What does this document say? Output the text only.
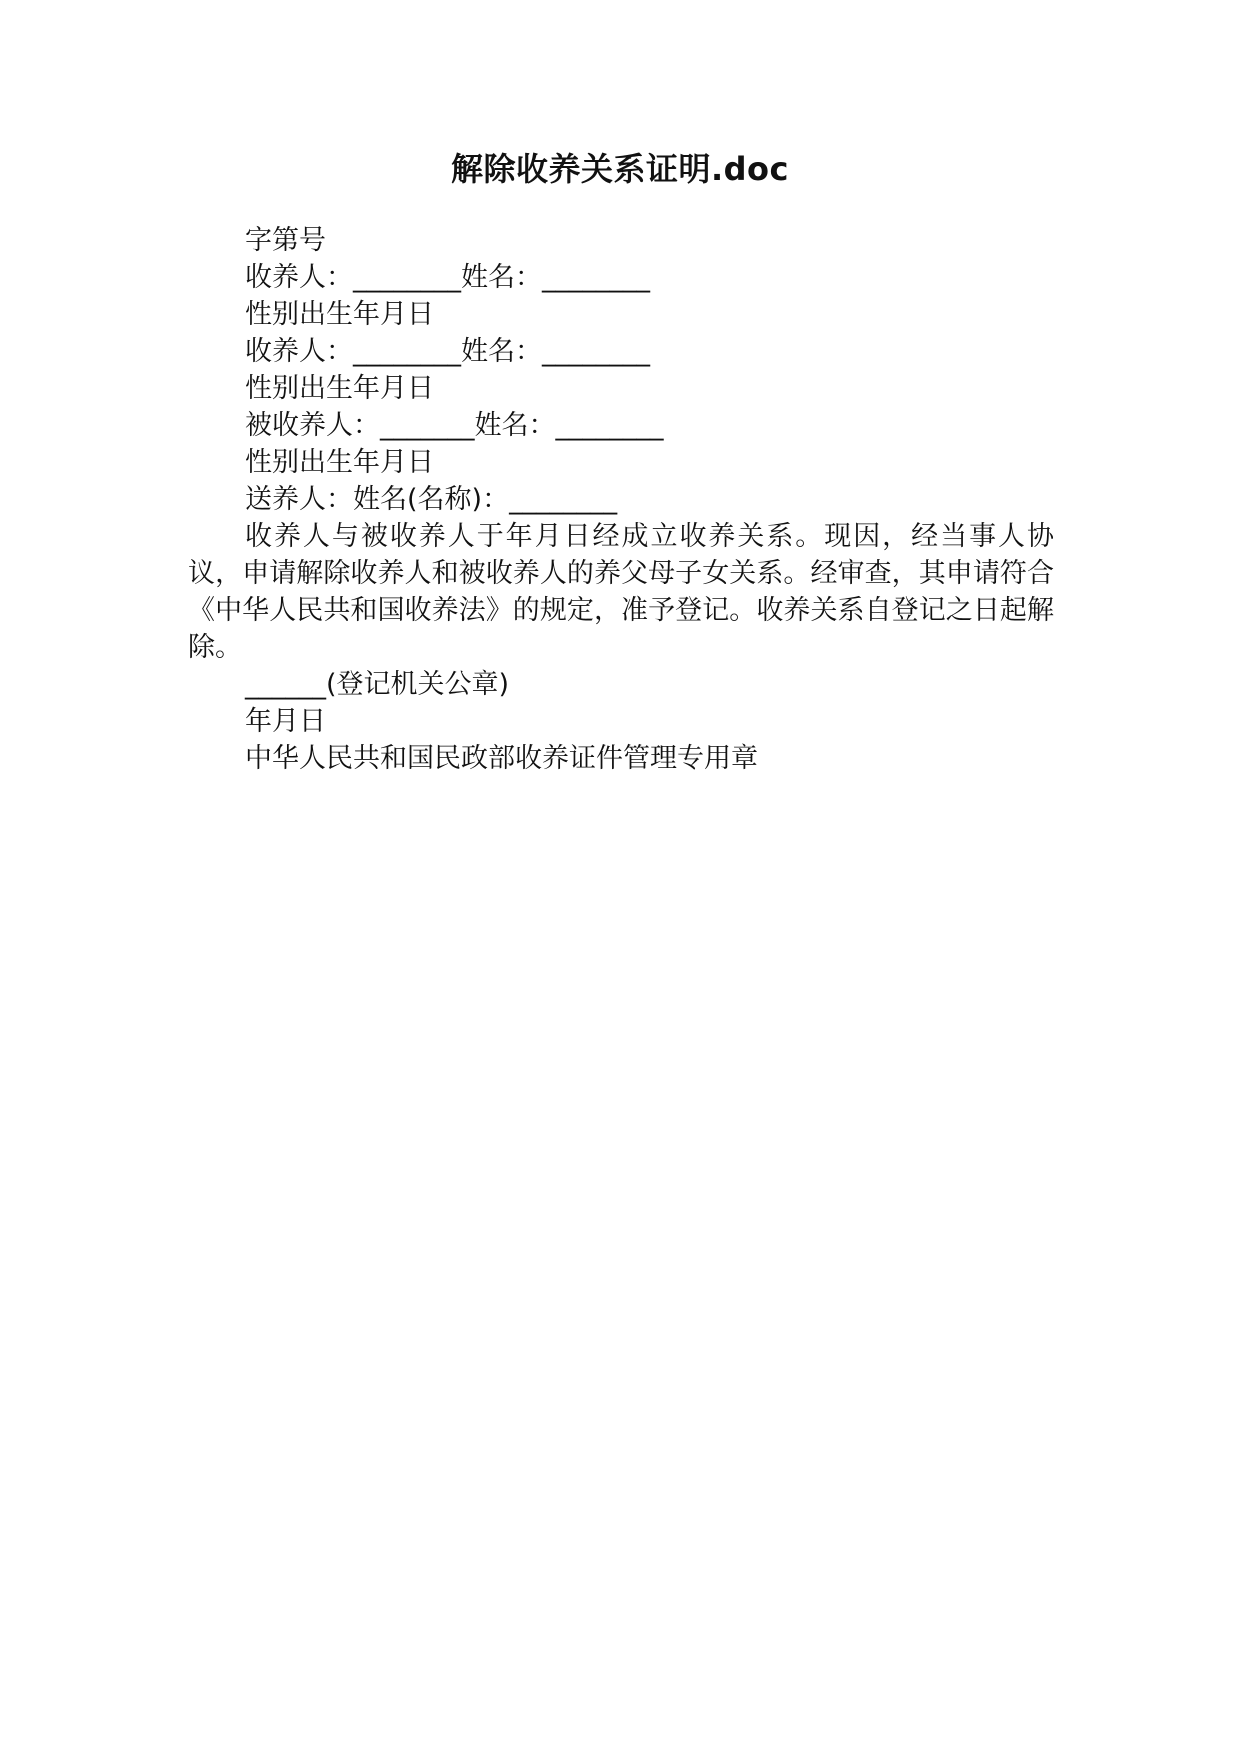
解除收养关系证明.doc

字第号

收养人：________姓名：________

性别出生年月日

收养人：________姓名：________

性别出生年月日

被收养人：_______姓名：________

性别出生年月日

送养人：姓名(名称)：________

收养人与被收养人于年月日经成立收养关系。现因，经当事人协议，申请解除收养人和被收养人的养父母子女关系。经审查，其申请符合《中华人民共和国收养法》的规定，准予登记。收养关系自登记之日起解除。

______(登记机关公章)

年月日

中华人民共和国民政部收养证件管理专用章
